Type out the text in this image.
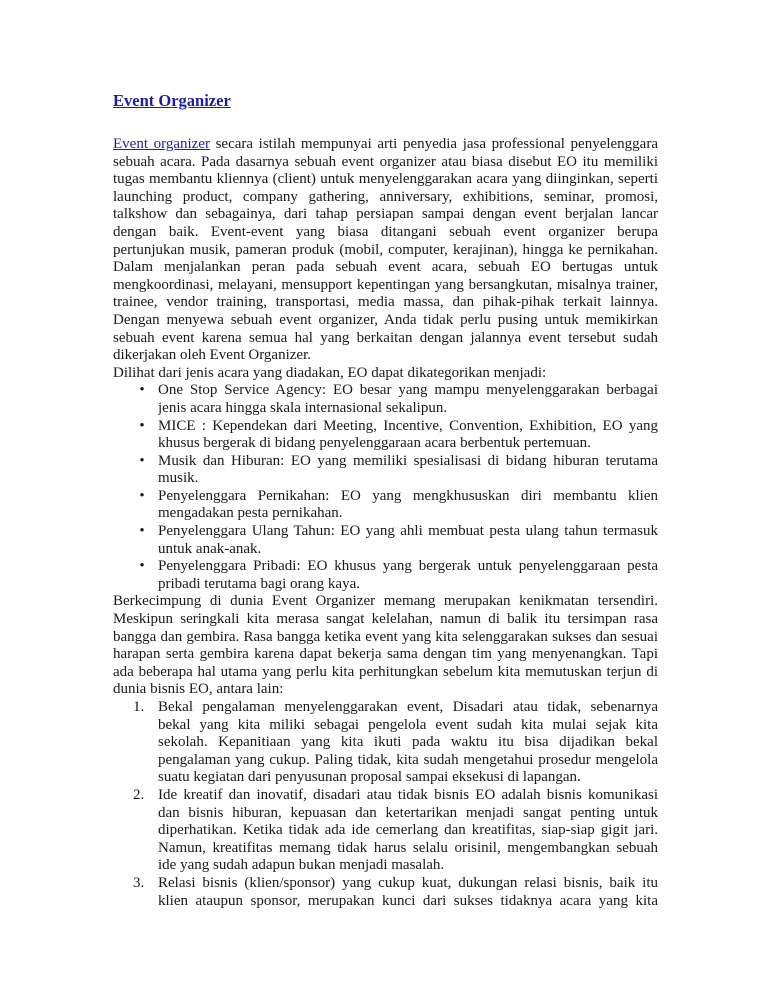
Event Organizer
Event organizer secara istilah mempunyai arti penyedia jasa professional penyelenggara
sebuah acara. Pada dasarnya sebuah event organizer atau biasa disebut EO itu memiliki
tugas membantu kliennya (client) untuk menyelenggarakan acara yang diinginkan, seperti
launching product, company gathering, anniversary, exhibitions, seminar, promosi,
talkshow dan sebagainya, dari tahap persiapan sampai dengan event berjalan lancar
dengan baik. Event-event yang biasa ditangani sebuah event organizer berupa
pertunjukan musik, pameran produk (mobil, computer, kerajinan), hingga ke pernikahan.
Dalam menjalankan peran pada sebuah event acara, sebuah EO bertugas untuk
mengkoordinasi, melayani, mensupport kepentingan yang bersangkutan, misalnya trainer,
trainee, vendor training, transportasi, media massa, dan pihak-pihak terkait lainnya.
Dengan menyewa sebuah event organizer, Anda tidak perlu pusing untuk memikirkan
sebuah event karena semua hal yang berkaitan dengan jalannya event tersebut sudah
dikerjakan oleh Event Organizer.
Dilihat dari jenis acara yang diadakan, EO dapat dikategorikan menjadi:
• One Stop Service Agency: EO besar yang mampu menyelenggarakan berbagai
jenis acara hingga skala internasional sekalipun.
• MICE : Kependekan dari Meeting, Incentive, Convention, Exhibition, EO yang
khusus bergerak di bidang penyelenggaraan acara berbentuk pertemuan.
• Musik dan Hiburan: EO yang memiliki spesialisasi di bidang hiburan terutama
musik.
• Penyelenggara Pernikahan: EO yang mengkhususkan diri membantu klien
mengadakan pesta pernikahan.
• Penyelenggara Ulang Tahun: EO yang ahli membuat pesta ulang tahun termasuk
untuk anak-anak.
• Penyelenggara Pribadi: EO khusus yang bergerak untuk penyelenggaraan pesta
pribadi terutama bagi orang kaya.
Berkecimpung di dunia Event Organizer memang merupakan kenikmatan tersendiri.
Meskipun seringkali kita merasa sangat kelelahan, namun di balik itu tersimpan rasa
bangga dan gembira. Rasa bangga ketika event yang kita selenggarakan sukses dan sesuai
harapan serta gembira karena dapat bekerja sama dengan tim yang menyenangkan. Tapi
ada beberapa hal utama yang perlu kita perhitungkan sebelum kita memutuskan terjun di
dunia bisnis EO, antara lain:
1. Bekal pengalaman menyelenggarakan event, Disadari atau tidak, sebenarnya
bekal yang kita miliki sebagai pengelola event sudah kita mulai sejak kita
sekolah. Kepanitiaan yang kita ikuti pada waktu itu bisa dijadikan bekal
pengalaman yang cukup. Paling tidak, kita sudah mengetahui prosedur mengelola
suatu kegiatan dari penyusunan proposal sampai eksekusi di lapangan.
2. Ide kreatif dan inovatif, disadari atau tidak bisnis EO adalah bisnis komunikasi
dan bisnis hiburan, kepuasan dan ketertarikan menjadi sangat penting untuk
diperhatikan. Ketika tidak ada ide cemerlang dan kreatifitas, siap-siap gigit jari.
Namun, kreatifitas memang tidak harus selalu orisinil, mengembangkan sebuah
ide yang sudah adapun bukan menjadi masalah.
3. Relasi bisnis (klien/sponsor) yang cukup kuat, dukungan relasi bisnis, baik itu
klien ataupun sponsor, merupakan kunci dari sukses tidaknya acara yang kita
